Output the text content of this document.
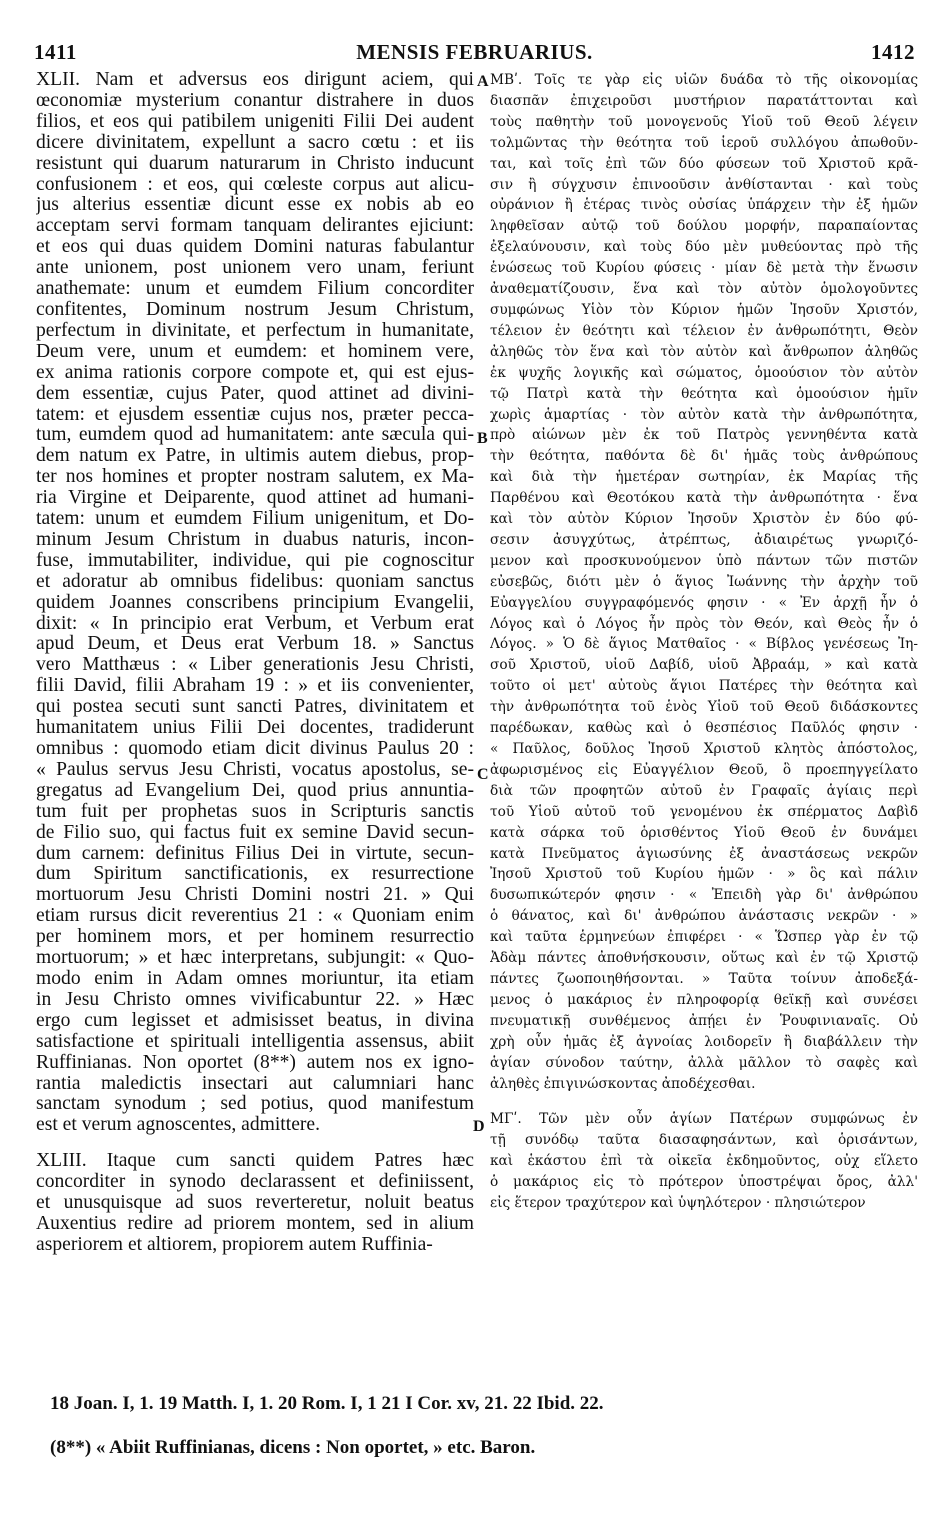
1411	MENSIS FEBRUARIUS.	1412
XLII. Nam et adversus eos dirigunt aciem, qui
œconomiæ mysterium conantur distrahere in duos
filios, et eos qui patibilem unigeniti Filii Dei audent
dicere divinitatem, expellunt a sacro cœtu : et iis
resistunt qui duarum naturarum in Christo inducunt
confusionem : et eos, qui cœleste corpus aut alicu-
jus alterius essentiæ dicunt esse ex nobis ab eo
acceptam servi formam tanquam delirantes ejiciunt:
et eos qui duas quidem Domini naturas fabulantur
ante unionem, post unionem vero unam, feriunt
anathemate: unum et eumdem Filium concorditer
confitentes, Dominum nostrum Jesum Christum,
perfectum in divinitate, et perfectum in humanitate,
Deum vere, unum et eumdem: et hominem vere,
ex anima rationis corpore compote et, qui est ejus-
dem essentiæ, cujus Pater, quod attinet ad divini-
tatem: et ejusdem essentiæ cujus nos, præter pecca-
tum, eumdem quod ad humanitatem: ante sæcula qui-
dem natum ex Patre, in ultimis autem diebus, prop-
ter nos homines et propter nostram salutem, ex Ma-
ria Virgine et Deiparente, quod attinet ad humani-
tatem: unum et eumdem Filium unigenitum, et Do-
minum Jesum Christum in duabus naturis, incon-
fuse, immutabiliter, individue, qui pie cognoscitur
et adoratur ab omnibus fidelibus: quoniam sanctus
quidem Joannes conscribens principium Evangelii,
dixit: « In principio erat Verbum, et Verbum erat
apud Deum, et Deus erat Verbum 18. » Sanctus
vero Matthæus : « Liber generationis Jesu Christi,
filii David, filii Abraham 19 : » et iis convenienter,
qui postea secuti sunt sancti Patres, divinitatem et
humanitatem unius Filii Dei docentes, tradiderunt
omnibus : quomodo etiam dicit divinus Paulus 20 :
« Paulus servus Jesu Christi, vocatus apostolus, se-
gregatus ad Evangelium Dei, quod prius annuntia-
tum fuit per prophetas suos in Scripturis sanctis
de Filio suo, qui factus fuit ex semine David secun-
dum carnem: definitus Filius Dei in virtute, secun-
dum Spiritum sanctificationis, ex resurrectione
mortuorum Jesu Christi Domini nostri 21. » Qui
etiam rursus dicit reverentius 21 : « Quoniam enim
per hominem mors, et per hominem resurrectio
mortuorum; » et hæc interpretans, subjungit: « Quo-
modo enim in Adam omnes moriuntur, ita etiam
in Jesu Christo omnes vivificabuntur 22. » Hæc
ergo cum legisset et admisisset beatus, in divina
satisfactione et spirituali intelligentia assensus, abiit
Ruffinianas. Non oportet (8**) autem nos ex igno-
rantia maledictis insectari aut calumniari hanc
sanctam synodum ; sed potius, quod manifestum
est et verum agnoscentes, admittere.
XLIII. Itaque cum sancti quidem Patres hæc
concorditer in synodo declarassent et definiissent,
et unusquisque ad suos reverteretur, noluit beatus
Auxentius redire ad priorem montem, sed in alium
asperiorem et altiorem, propiorem autem Ruffinia-
ΜΒʹ. Τοῖς τε γὰρ εἰς υἱῶν δυάδα τὸ τῆς οἰκονομίας
διασπᾶν ἐπιχειροῦσι μυστήριον παρατάττονται καὶ
τοὺς παθητὴν τοῦ μονογενοῦς Υἱοῦ τοῦ Θεοῦ λέγειν
τολμῶντας τὴν θεότητα τοῦ ἱεροῦ συλλόγου ἀπωθοῦν-
ται, καὶ τοῖς ἐπὶ τῶν δύο φύσεων τοῦ Χριστοῦ κρᾶ-
σιν ἢ σύγχυσιν ἐπινοοῦσιν ἀνθίστανται · καὶ τοὺς
οὐράνιον ἢ ἑτέρας τινὸς οὐσίας ὑπάρχειν τὴν ἐξ ἡμῶν
ληφθεῖσαν αὐτῷ τοῦ δούλου μορφήν, παραπαίοντας
ἐξελαύνουσιν, καὶ τοὺς δύο μὲν μυθεύοντας πρὸ τῆς
ἑνώσεως τοῦ Κυρίου φύσεις · μίαν δὲ μετὰ τὴν ἕνωσιν
ἀναθεματίζουσιν, ἕνα καὶ τὸν αὐτὸν ὁμολογοῦντες
συμφώνως Υἱὸν τὸν Κύριον ἡμῶν Ἰησοῦν Χριστόν,
τέλειον ἐν θεότητι καὶ τέλειον ἐν ἀνθρωπότητι, Θεὸν
ἀληθῶς τὸν ἕνα καὶ τὸν αὐτὸν καὶ ἄνθρωπον ἀληθῶς
ἐκ ψυχῆς λογικῆς καὶ σώματος, ὁμοούσιον τὸν αὐτὸν
τῷ Πατρὶ κατὰ τὴν θεότητα καὶ ὁμοούσιον ἡμῖν
χωρὶς ἁμαρτίας · τὸν αὐτὸν κατὰ τὴν ἀνθρωπότητα,
πρὸ αἰώνων μὲν ἐκ τοῦ Πατρὸς γεννηθέντα κατὰ
τὴν θεότητα, παθόντα δὲ δι' ἡμᾶς τοὺς ἀνθρώπους
καὶ διὰ τὴν ἡμετέραν σωτηρίαν, ἐκ Μαρίας τῆς
Παρθένου καὶ Θεοτόκου κατὰ τὴν ἀνθρωπότητα · ἕνα
καὶ τὸν αὐτὸν Κύριον Ἰησοῦν Χριστὸν ἐν δύο φύ-
σεσιν ἀσυγχύτως, ἀτρέπτως, ἀδιαιρέτως γνωριζό-
μενον καὶ προσκυνούμενον ὑπὸ πάντων τῶν πιστῶν
εὐσεβῶς, διότι μὲν ὁ ἅγιος Ἰωάννης τὴν ἀρχὴν τοῦ
Εὐαγγελίου συγγραφόμενός φησιν · « Ἐν ἀρχῇ ἦν ὁ
Λόγος καὶ ὁ Λόγος ἦν πρὸς τὸν Θεόν, καὶ Θεὸς ἦν ὁ
Λόγος. » Ὁ δὲ ἅγιος Ματθαῖος · « Βίβλος γενέσεως Ἰη-
σοῦ Χριστοῦ, υἱοῦ Δαβίδ, υἱοῦ Ἀβραάμ, » καὶ κατὰ
τοῦτο οἱ μετ' αὐτοὺς ἅγιοι Πατέρες τὴν θεότητα καὶ
τὴν ἀνθρωπότητα τοῦ ἑνὸς Υἱοῦ τοῦ Θεοῦ διδάσκοντες
παρέδωκαν, καθὼς καὶ ὁ θεσπέσιος Παῦλός φησιν ·
« Παῦλος, δοῦλος Ἰησοῦ Χριστοῦ κλητὸς ἀπόστολος,
ἀφωρισμένος εἰς Εὐαγγέλιον Θεοῦ, ὃ προεπηγγείλατο
διὰ τῶν προφητῶν αὐτοῦ ἐν Γραφαῖς ἁγίαις περὶ
τοῦ Υἱοῦ αὐτοῦ τοῦ γενομένου ἐκ σπέρματος Δαβὶδ
κατὰ σάρκα τοῦ ὁρισθέντος Υἱοῦ Θεοῦ ἐν δυνάμει
κατὰ Πνεῦματος ἁγιωσύνης ἐξ ἀναστάσεως νεκρῶν
Ἰησοῦ Χριστοῦ τοῦ Κυρίου ἡμῶν · » ὃς καὶ πάλιν
δυσωπικώτερόν φησιν · « Ἐπειδὴ γὰρ δι' ἀνθρώπου
ὁ θάνατος, καὶ δι' ἀνθρώπου ἀνάστασις νεκρῶν · »
καὶ ταῦτα ἑρμηνεύων ἐπιφέρει · « Ὥσπερ γὰρ ἐν τῷ
Ἀδὰμ πάντες ἀποθνήσκουσιν, οὕτως καὶ ἐν τῷ Χριστῷ
πάντες ζωοποιηθήσονται. » Ταῦτα τοίνυν ἀποδεξά-
μενος ὁ μακάριος ἐν πληροφορίᾳ θεϊκῇ καὶ συνέσει
πνευματικῇ συνθέμενος ἀπῄει ἐν Ῥουφινιαναῖς. Οὐ
χρὴ οὖν ἡμᾶς ἐξ ἀγνοίας λοιδορεῖν ἢ διαβάλλειν τὴν
ἁγίαν σύνοδον ταύτην, ἀλλὰ μᾶλλον τὸ σαφὲς καὶ
ἀληθὲς ἐπιγινώσκοντας ἀποδέχεσθαι.
ΜΓʹ. Τῶν μὲν οὖν ἁγίων Πατέρων συμφώνως ἐν
τῇ συνόδῳ ταῦτα διασαφησάντων, καὶ ὁρισάντων,
καὶ ἑκάστου ἐπὶ τὰ οἰκεῖα ἐκδημοῦντος, οὐχ εἵλετο
ὁ μακάριος εἰς τὸ πρότερον ὑποστρέψαι ὄρος, ἀλλ'
εἰς ἕτερον τραχύτερον καὶ ὑψηλότερον · πλησιώτερον
A
B
C
D
18 Joan. I, 1. 19 Matth. I, 1. 20 Rom. I, 1 21 I Cor. xv, 21. 22 Ibid. 22.
(8**) « Abiit Ruffinianas, dicens : Non oportet, » etc. Baron.
